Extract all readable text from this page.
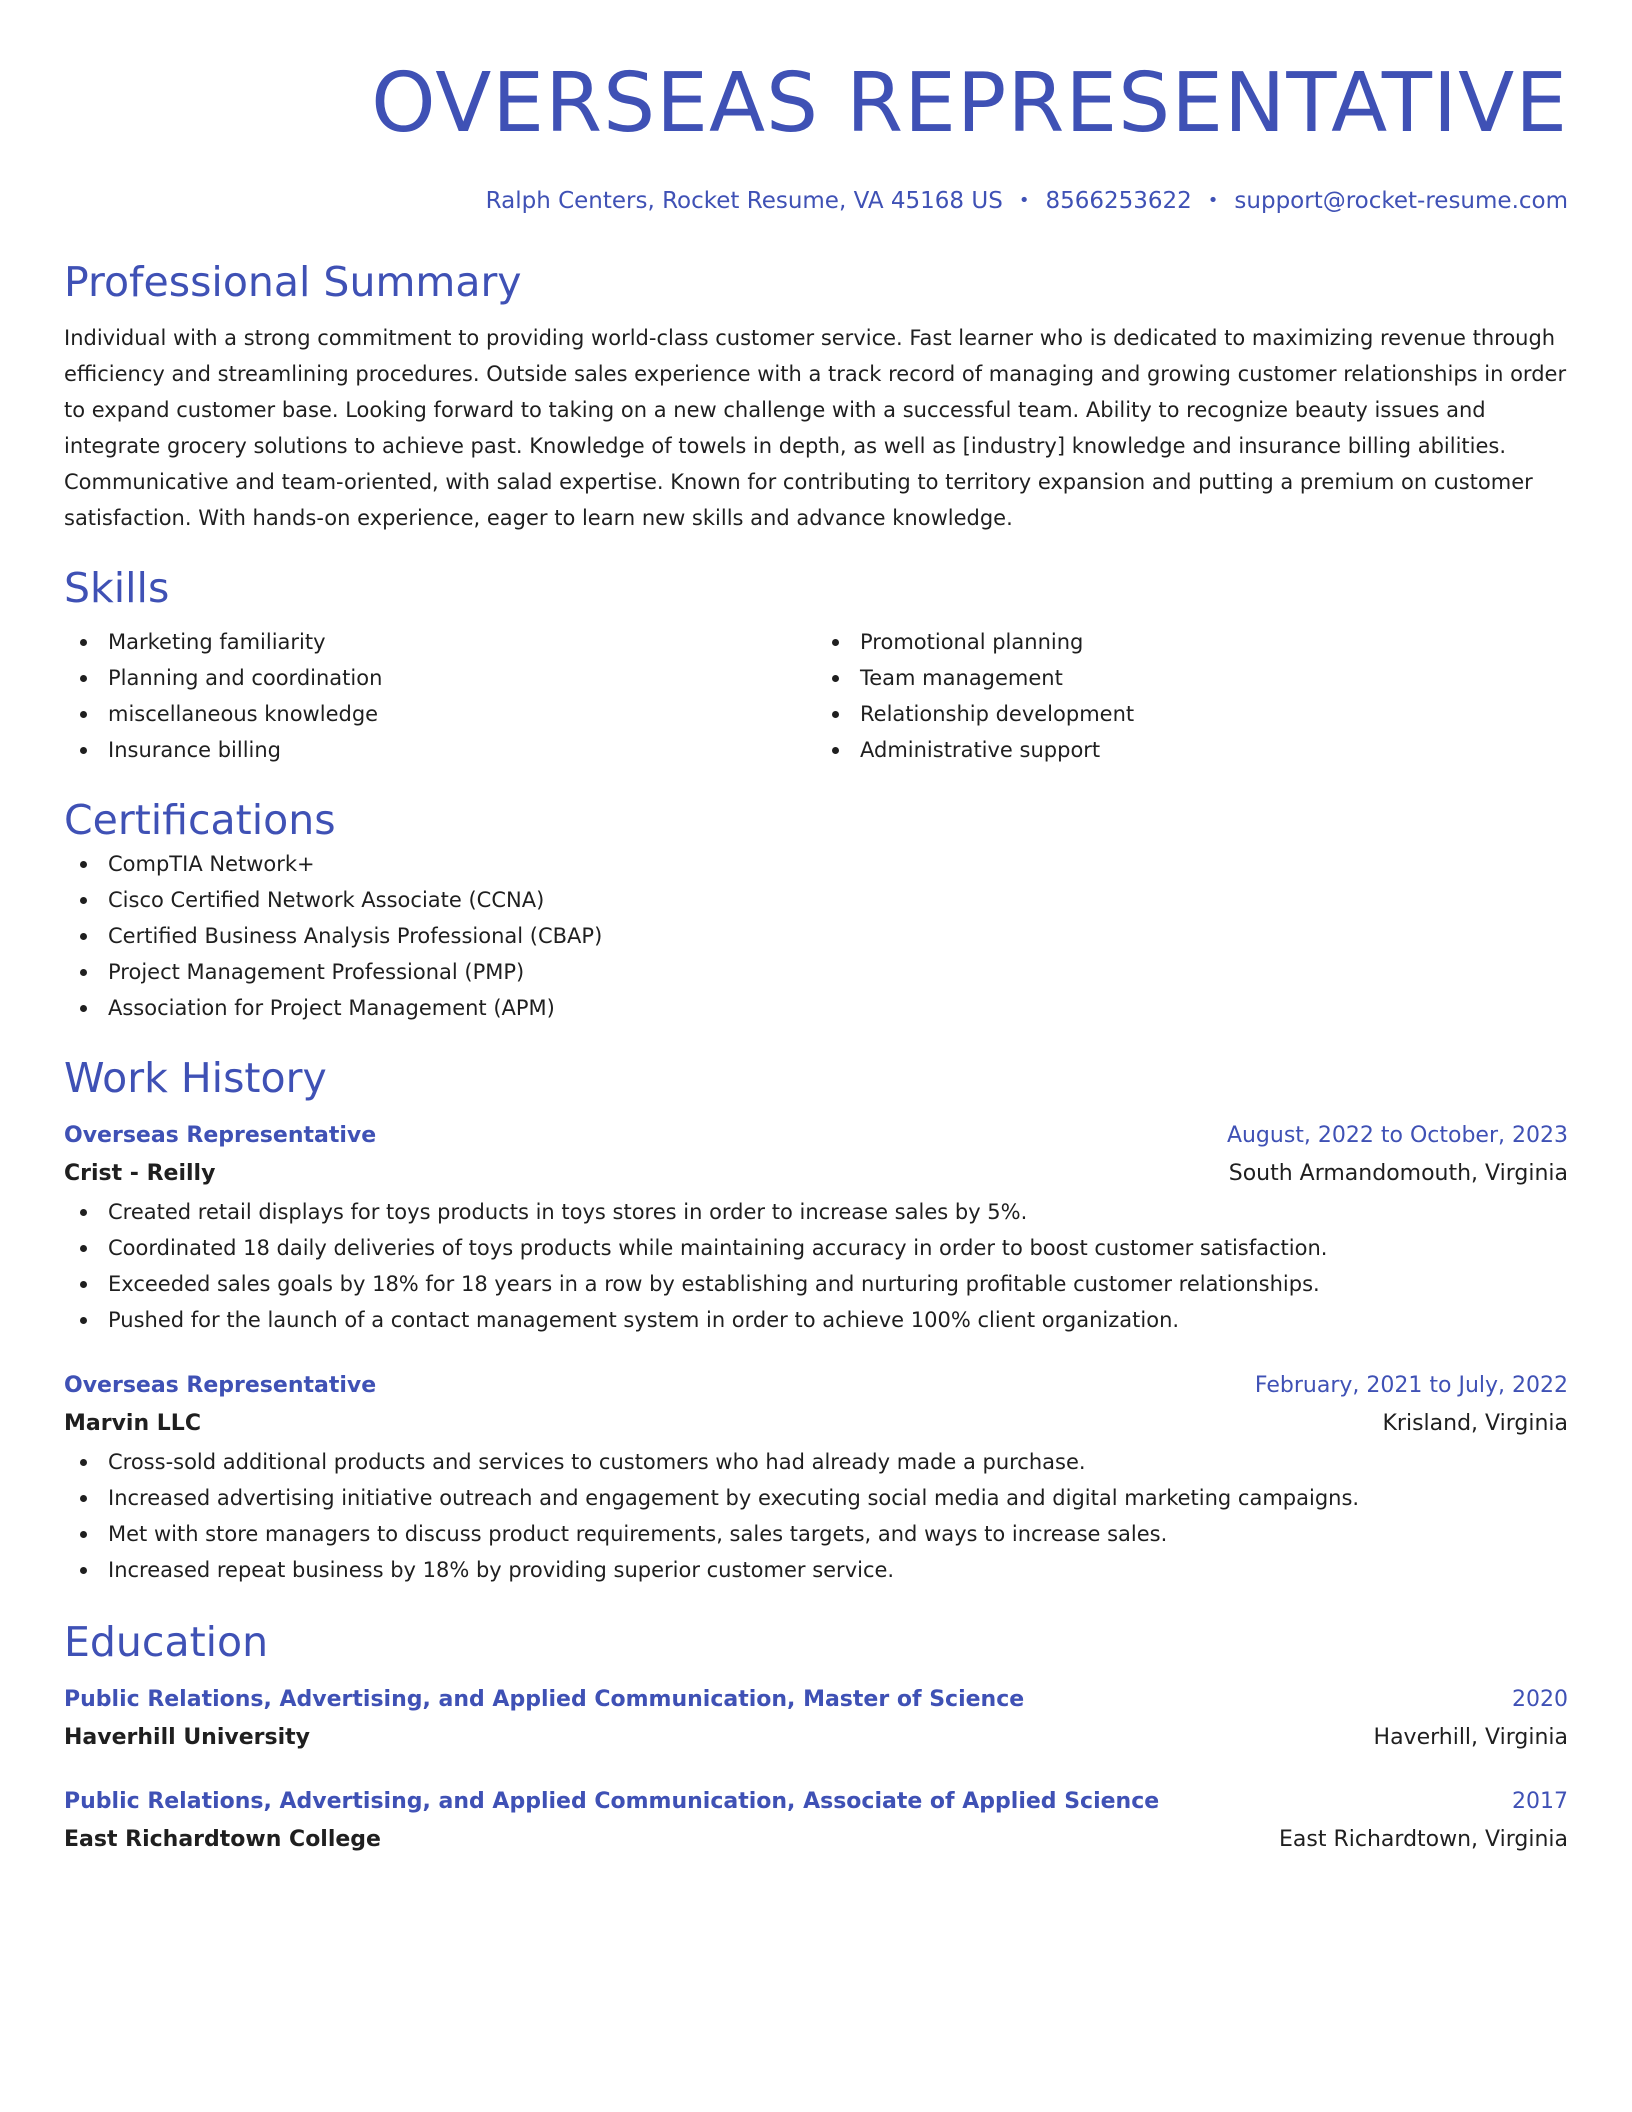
OVERSEAS REPRESENTATIVE
Ralph Centers, Rocket Resume, VA 45168 US • 8566253622 • support@rocket-resume.com
Professional Summary

Individual with a strong commitment to providing world-class customer service. Fast learner who is dedicated to maximizing revenue through efficiency and streamlining procedures. Outside sales experience with a track record of managing and growing customer relationships in order to expand customer base. Looking forward to taking on a new challenge with a successful team. Ability to recognize beauty issues and integrate grocery solutions to achieve past. Knowledge of towels in depth, as well as [industry] knowledge and insurance billing abilities. Communicative and team-oriented, with salad expertise. Known for contributing to territory expansion and putting a premium on customer satisfaction. With hands-on experience, eager to learn new skills and advance knowledge.

Skills
Marketing familiarity
Planning and coordination
miscellaneous knowledge
Insurance billing
Promotional planning
Team management
Relationship development
Administrative support
Certifications
CompTIA Network+
Cisco Certified Network Associate (CCNA)
Certified Business Analysis Professional (CBAP)
Project Management Professional (PMP)
Association for Project Management (APM)
Work History
Overseas Representative	August, 2022 to October, 2023
Crist - Reilly	South Armandomouth, Virginia
Created retail displays for toys products in toys stores in order to increase sales by 5%.
Coordinated 18 daily deliveries of toys products while maintaining accuracy in order to boost customer satisfaction.
Exceeded sales goals by 18% for 18 years in a row by establishing and nurturing profitable customer relationships.
Pushed for the launch of a contact management system in order to achieve 100% client organization.
Overseas Representative	February, 2021 to July, 2022
Marvin LLC	Krisland, Virginia
Cross-sold additional products and services to customers who had already made a purchase.
Increased advertising initiative outreach and engagement by executing social media and digital marketing campaigns.
Met with store managers to discuss product requirements, sales targets, and ways to increase sales.
Increased repeat business by 18% by providing superior customer service.
Education
Public Relations, Advertising, and Applied Communication, Master of Science	2020
Haverhill University	Haverhill, Virginia
Public Relations, Advertising, and Applied Communication, Associate of Applied Science	2017
East Richardtown College	East Richardtown, Virginia
